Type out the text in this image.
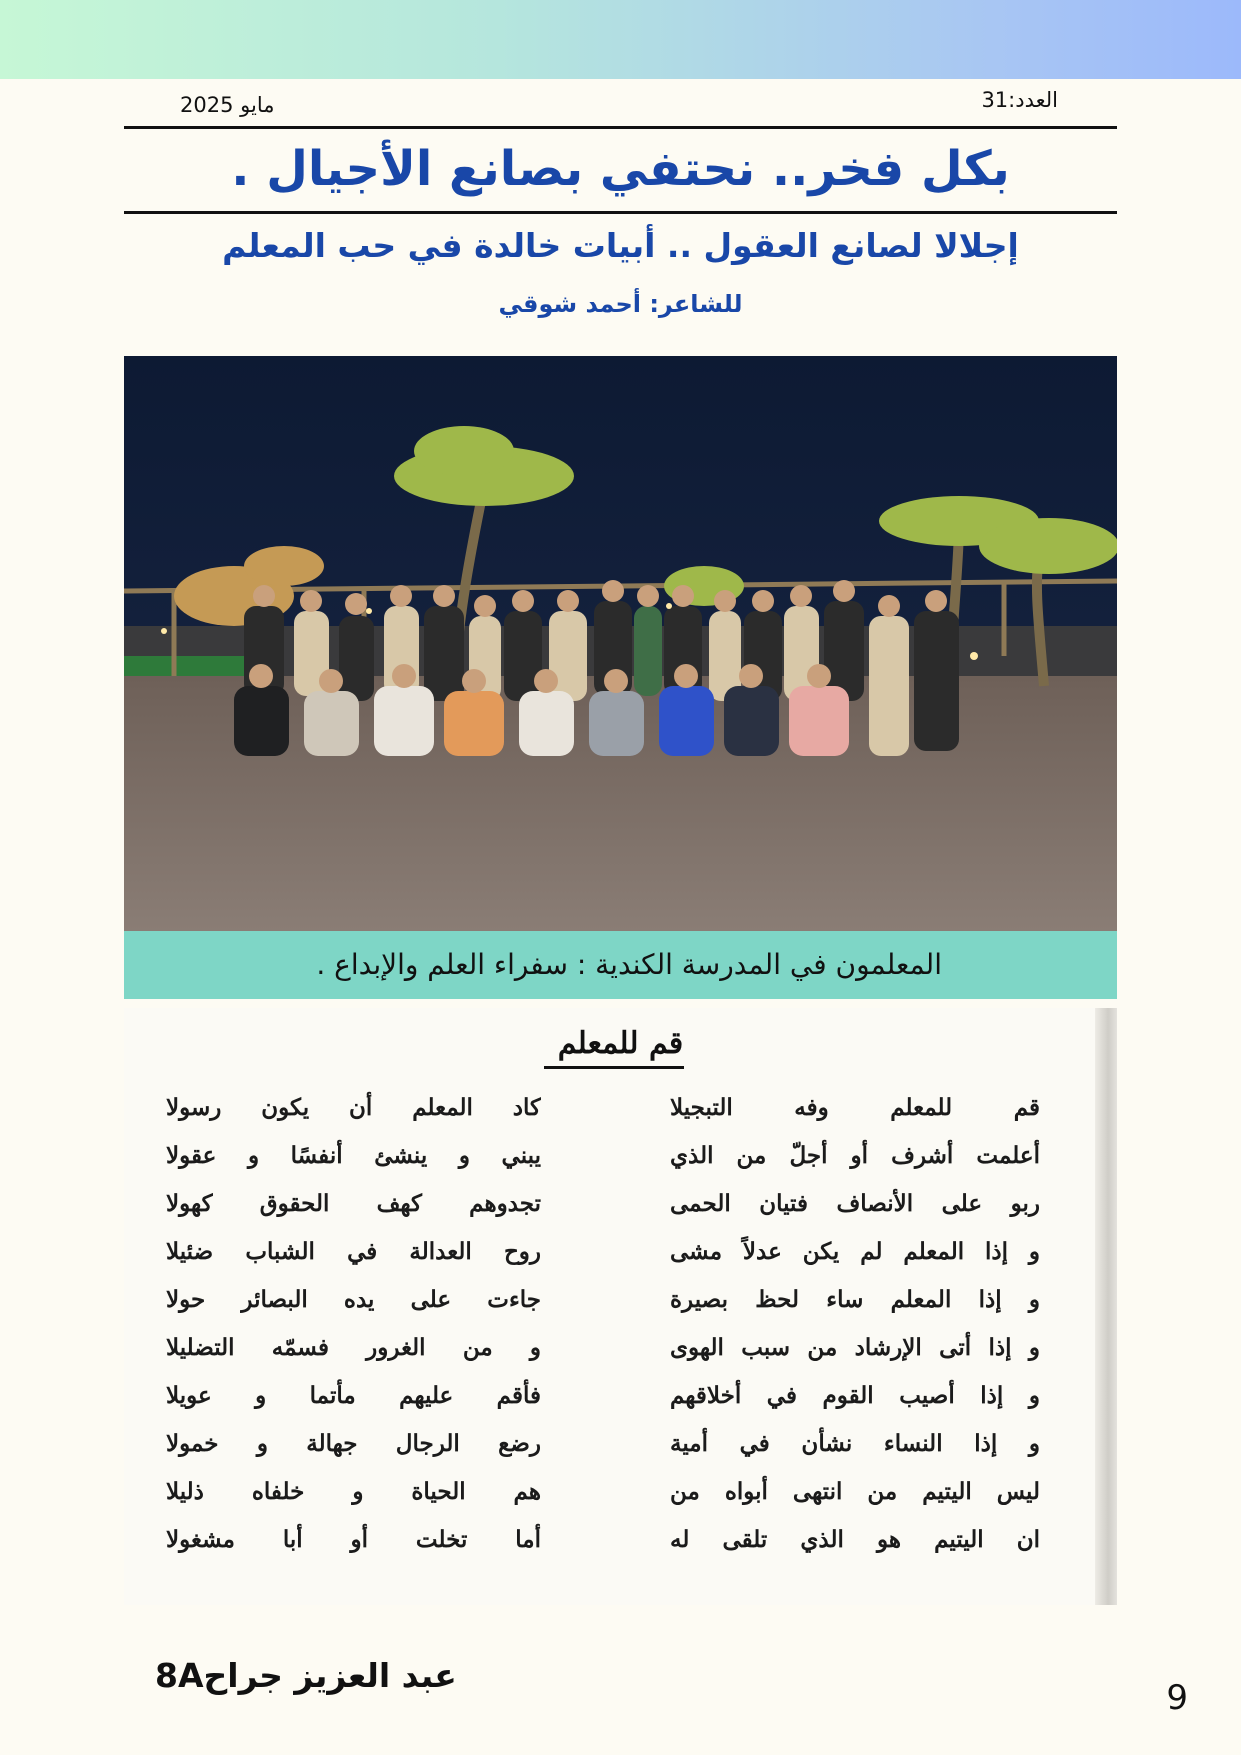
العدد:31
مايو 2025
بكل فخر.. نحتفي بصانع الأجيال .
إجلالا لصانع العقول .. أبيات خالدة في حب المعلم
للشاعر: أحمد شوقي
المعلمون في المدرسة الكندية : سفراء العلم والإبداع .
قم للمعلم
قم للمعلم وفه التبجيلا
كاد المعلم أن يكون رسولا
أعلمت أشرف أو أجلّ من الذي
يبني و ينشئ أنفسًا و عقولا
ربو على الأنصاف فتيان الحمى
تجدوهم كهف الحقوق كهولا
و إذا المعلم لم يكن عدلاً مشى
روح العدالة في الشباب ضئيلا
و إذا المعلم ساء لحظ بصيرة
جاءت على يده البصائر حولا
و إذا أتى الإرشاد من سبب الهوى
و من الغرور فسمّه التضليلا
و إذا أصيب القوم في أخلاقهم
فأقم عليهم مأتما و عويلا
و إذا النساء نشأن في أمية
رضع الرجال جهالة و خمولا
ليس اليتيم من انتهى أبواه من
هم الحياة و خلفاه ذليلا
ان اليتيم هو الذي تلقى له
أما تخلت أو أبا مشغولا
عبد العزيز جراح8A
9
